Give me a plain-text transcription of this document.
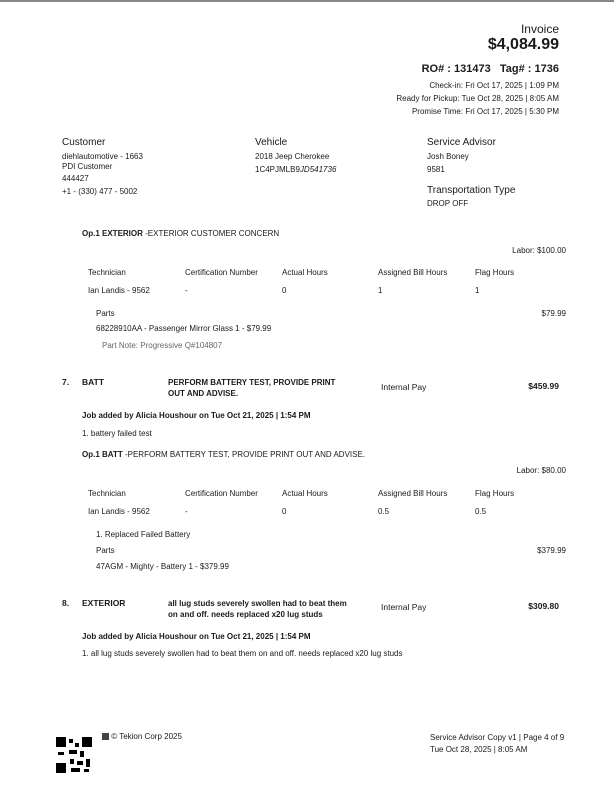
Invoice
$4,084.99
RO# : 131473 Tag# : 1736
Check-in: Fri Oct 17, 2025 | 1:09 PM
Ready for Pickup: Tue Oct 28, 2025 | 8:05 AM
Promise Time: Fri Oct 17, 2025 | 5:30 PM
Customer
diehlautomotive - 1663
PDI Customer
444427
+1 - (330) 477 - 5002
Vehicle
2018 Jeep Cherokee
1C4PJMLB9JD541736
Service Advisor
Josh Boney
9581
Transportation Type
DROP OFF
Op.1 EXTERIOR -EXTERIOR CUSTOMER CONCERN
Labor: $100.00
Technician	Certification Number	Actual Hours	Assigned Bill Hours	Flag Hours
Ian Landis - 9562	-	0	1	1
Parts	$79.99
68228910AA - Passenger Mirror Glass 1 - $79.99
Part Note: Progressive Q#104807
7. BATT	PERFORM BATTERY TEST, PROVIDE PRINT
OUT AND ADVISE.
Internal Pay	$459.99
Job added by Alicia Houshour on Tue Oct 21, 2025 | 1:54 PM
1. battery failed test
Op.1 BATT -PERFORM BATTERY TEST, PROVIDE PRINT OUT AND ADVISE.
Labor: $80.00
Technician	Certification Number	Actual Hours	Assigned Bill Hours	Flag Hours
Ian Landis - 9562	-	0	0.5	0.5
1. Replaced Failed Battery
Parts	$379.99
47AGM - Mighty - Battery 1 - $379.99
8. EXTERIOR	all lug studs severely swollen had to beat them
on and off. needs replaced x20 lug studs
Internal Pay	$309.80
Job added by Alicia Houshour on Tue Oct 21, 2025 | 1:54 PM
1. all lug studs severely swollen had to beat them on and off. needs replaced x20 lug studs
© Tekion Corp 2025	Service Advisor Copy v1 | Page 4 of 9
Tue Oct 28, 2025 | 8:05 AM
